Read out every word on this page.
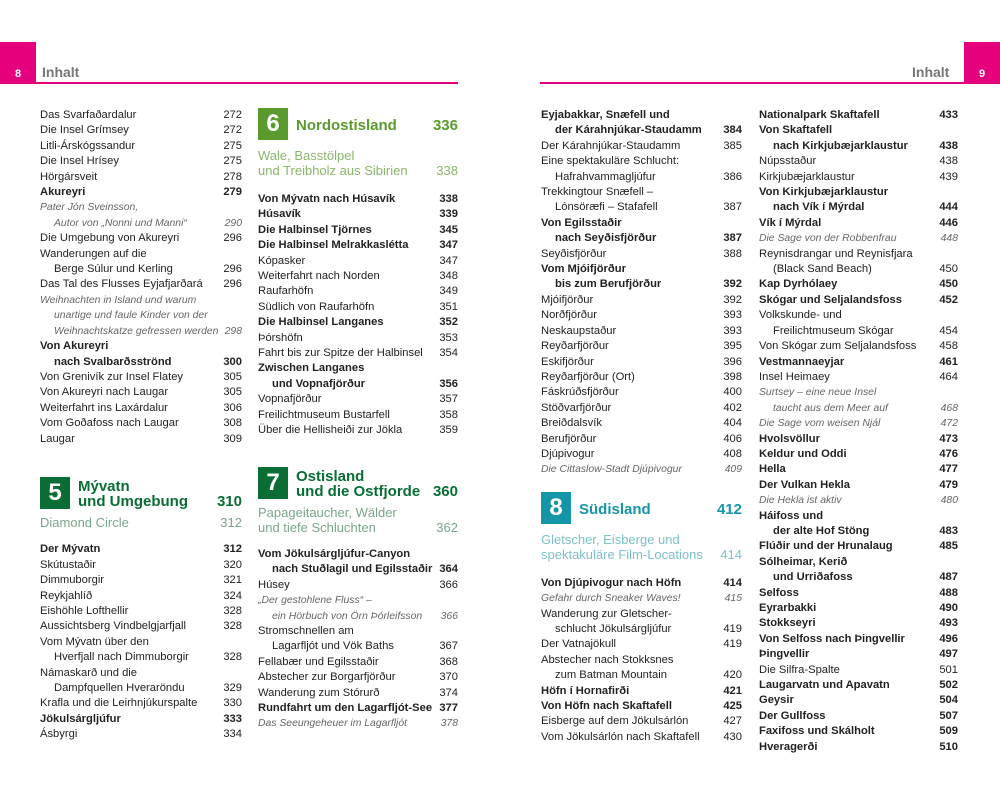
8	9
Inhalt	Inhalt
Das Svarfaðardalur	272
Die Insel Grímsey	272
Litli-Árskógssandur	275
Die Insel Hrísey	275
Hörgársveit	278
Akureyri	279
Pater Jón Sveinsson,
Autor von „Nonni und Manni“	290
Die Umgebung von Akureyri	296
Wanderungen auf die
Berge Súlur und Kerling	296
Das Tal des Flusses Eyjafjarðará 296
Weihnachten in Island und warum
unartige und faule Kinder von der
Weihnachtskatze gefressen werden 298
Von Akureyri
nach Svalbarðsströnd	300
Von Grenivík zur Insel Flatey	305
Von Akureyri nach Laugar	305
Weiterfahrt ins Laxárdalur	306
Vom Goðafoss nach Laugar	308
Laugar	309
5	Mývatn
und Umgebung	310
Diamond Circle	312
Der Mývatn	312
Skútustaðir	320
Dimmuborgir	321
Reykjahlíð	324
Eishöhle Lofthellir	328
Aussichtsberg Vindbelgjarfjall	328
Vom Mývatn über den
Hverfjall nach Dimmuborgir	328
Námaskarð und die
Dampfquellen Hveraröndu	329
Krafla und die Leirhnjúkurspalte 330
Jökulsárgljúfur	333
Ásbyrgi	334
6	Nordostisland	336
Wale, Basstölpel
und Treibholz aus Sibirien 338
Von Mývatn nach Húsavík	338
Húsavík	339
Die Halbinsel Tjörnes	345
Die Halbinsel Melrakkaslétta	347
Kópasker	347
Weiterfahrt nach Norden	348
Raufarhöfn	349
Südlich von Raufarhöfn	351
Die Halbinsel Langanes	352
Þórshöfn	353
Fahrt bis zur Spitze der Halbinsel 354
Zwischen Langanes
und Vopnafjörður	356
Vopnafjörður	357
Freilichtmuseum Bustarfell	358
Über die Hellisheiði zur Jökla	359
7	Ostisland
und die Ostfjorde 360
Papageitaucher, Wälder
und tiefe Schluchten	362
Vom Jökulsárgljúfur-Canyon
nach Stuðlagil und Egilsstaðir 364
Húsey	366
„Der gestohlene Fluss“ –
ein Hörbuch von Örn Þórleifsson	366
Stromschnellen am
Lagarfljót und Vök Baths	367
Fellabær und Egilsstaðir	368
Abstecher zur Borgarfjörður	370
Wanderung zum Stórurð	374
Rundfahrt um den Lagarfljót-See 377
Das Seeungeheuer im Lagarfljót	378
Eyjabakkar, Snæfell und
der Kárahnjúkar-Staudamm 384
Der Kárahnjúkar-Staudamm	385
Eine spektakuläre Schlucht:
Hafrahvammagljúfur	386
Trekkingtour Snæfell –
Lónsöræfi – Stafafell	387
Von Egilsstaðir
nach Seyðisfjörður	387
Seyðisfjörður	388
Vom Mjóifjörður
bis zum Berufjörður	392
Mjóifjörður	392
Norðfjörður	393
Neskaupstaður	393
Reyðarfjörður	395
Eskifjörður	396
Reyðarfjörður (Ort)	398
Fáskrúðsfjörður	400
Stöðvarfjörður	402
Breiðdalsvík	404
Berufjörður	406
Djúpivogur	408
Die Cittaslow-Stadt Djúpivogur	409
8	Südisland	412
Gletscher, Eisberge und
spektakuläre Film-Locations 414
Von Djúpivogur nach Höfn	414
Gefahr durch Sneaker Waves!	415
Wanderung zur Gletscher-
schlucht Jökulsárgljúfur	419
Der Vatnajökull	419
Abstecher nach Stokksnes
zum Batman Mountain	420
Höfn í Hornafirði	421
Von Höfn nach Skaftafell	425
Eisberge auf dem Jökulsárlón	427
Vom Jökulsárlón nach Skaftafell 430
Nationalpark Skaftafell	433
Von Skaftafell
nach Kirkjubæjarklaustur	438
Núpsstaður	438
Kirkjubæjarklaustur	439
Von Kirkjubæjarklaustur
nach Vík í Mýrdal	444
Vík í Mýrdal	446
Die Sage von der Robbenfrau	448
Reynisdrangar und Reynisfjara
(Black Sand Beach)	450
Kap Dyrhólaey	450
Skógar und Seljalandsfoss	452
Volkskunde- und
Freilichtmuseum Skógar	454
Von Skógar zum Seljalandsfoss 458
Vestmannaeyjar	461
Insel Heimaey	464
Surtsey – eine neue Insel
taucht aus dem Meer auf	468
Die Sage vom weisen Njál	472
Hvolsvöllur	473
Keldur und Oddi	476
Hella	477
Der Vulkan Hekla	479
Die Hekla ist aktiv	480
Háifoss und
der alte Hof Stöng	483
Flúðir und der Hrunalaug	485
Sólheimar, Kerið
und Urriðafoss	487
Selfoss	488
Eyrarbakki	490
Stokkseyri	493
Von Selfoss nach Þingvellir	496
Þingvellir	497
Die Silfra-Spalte	501
Laugarvatn und Apavatn	502
Geysir	504
Der Gullfoss	507
Faxifoss und Skálholt	509
Hveragerði	510
